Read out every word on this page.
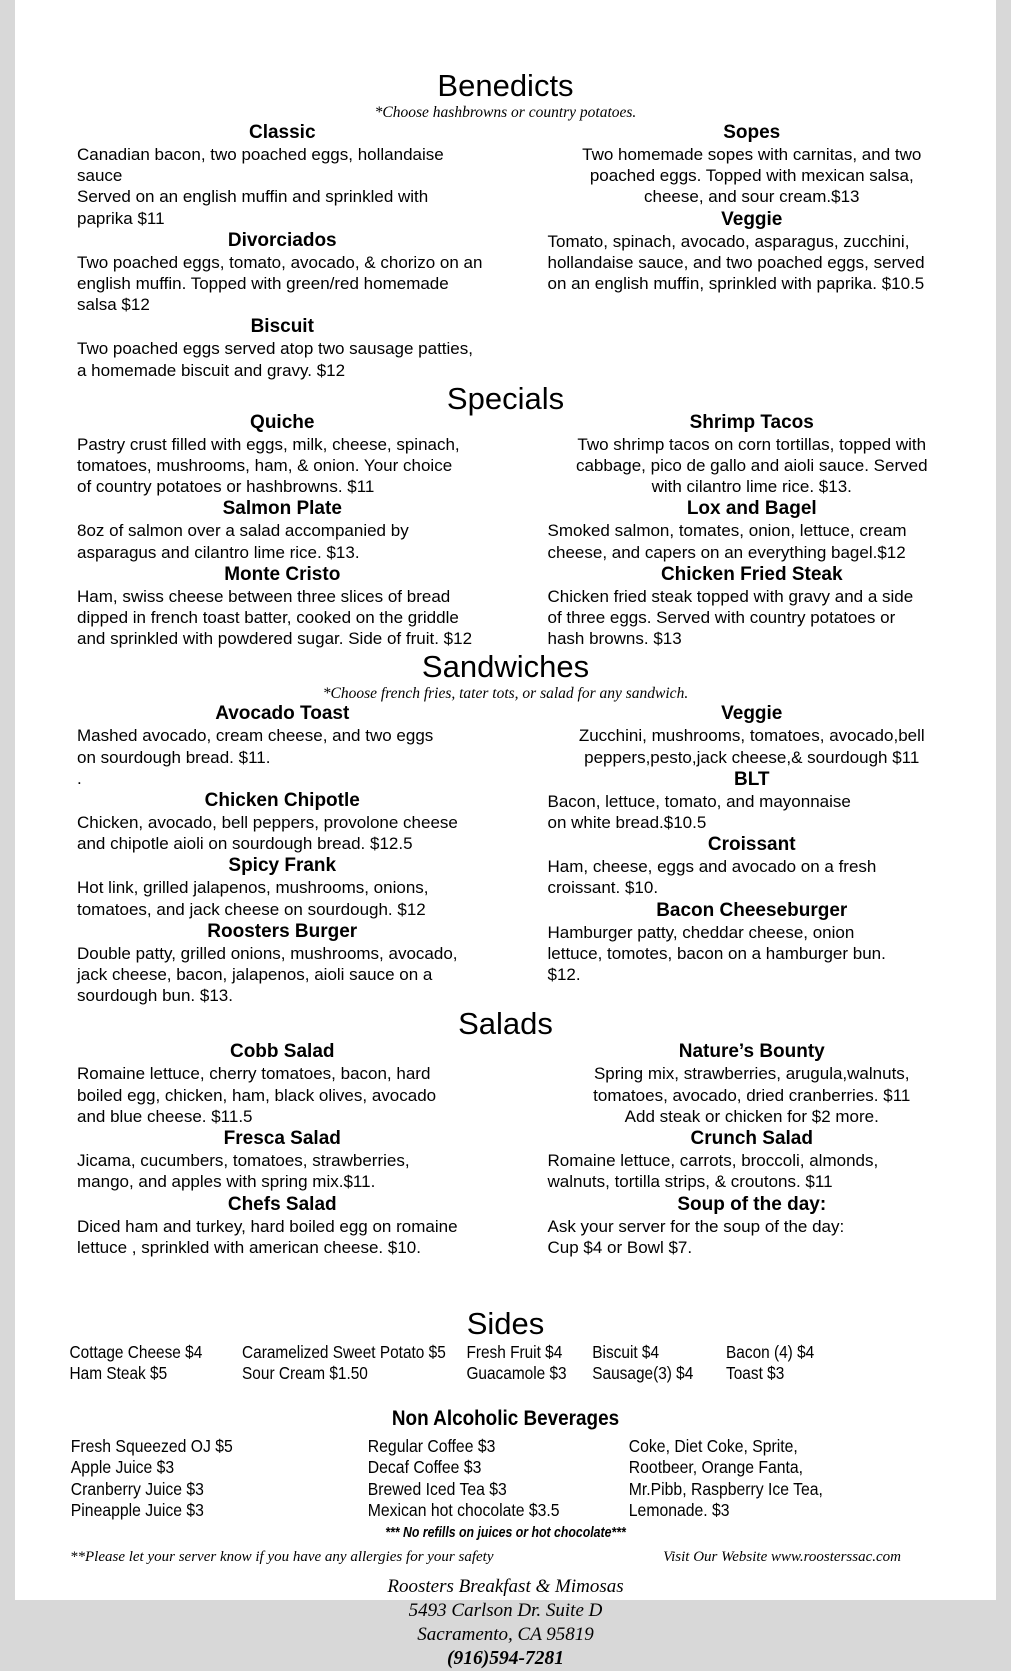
Benedicts
*Choose hashbrowns or country potatoes.
Classic
Canadian bacon, two poached eggs, hollandaise sauce
Served on an english muffin and sprinkled with paprika $11
Divorciados
Two poached eggs, tomato, avocado, & chorizo on an
english muffin. Topped with green/red homemade salsa $12
Biscuit
Two poached eggs served atop two sausage patties,
a homemade biscuit and gravy. $12
Sopes
Two homemade sopes with carnitas, and two
poached eggs. Topped with mexican salsa,
cheese, and sour cream.$13
Veggie
Tomato, spinach, avocado, asparagus, zucchini,
hollandaise sauce, and two poached eggs, served
on an english muffin, sprinkled with paprika. $10.5
Specials
Quiche
Pastry crust filled with eggs, milk, cheese, spinach,
tomatoes, mushrooms, ham, & onion. Your choice
of country potatoes or hashbrowns. $11
Salmon Plate
8oz of salmon over a salad accompanied by
asparagus and cilantro lime rice. $13.
Monte Cristo
Ham, swiss cheese between three slices of bread
dipped in french toast batter, cooked on the griddle
and sprinkled with powdered sugar. Side of fruit. $12
Shrimp Tacos
Two shrimp tacos on corn tortillas, topped with
cabbage, pico de gallo and aioli sauce. Served
with cilantro lime rice. $13.
Lox and Bagel
Smoked salmon, tomates, onion, lettuce, cream
cheese, and capers on an everything bagel.$12
Chicken Fried Steak
Chicken fried steak topped with gravy and a side
of three eggs. Served with country potatoes or
hash browns. $13
Sandwiches
*Choose french fries, tater tots, or salad for any sandwich.
Avocado Toast
Mashed avocado, cream cheese, and two eggs
on sourdough bread. $11.
.
Chicken Chipotle
Chicken, avocado, bell peppers, provolone cheese
and chipotle aioli on sourdough bread. $12.5
Spicy Frank
Hot link, grilled jalapenos, mushrooms, onions,
tomatoes, and jack cheese on sourdough. $12
Roosters Burger
Double patty, grilled onions, mushrooms, avocado,
jack cheese, bacon, jalapenos, aioli sauce on a
sourdough bun. $13.
Veggie
Zucchini, mushrooms, tomatoes, avocado,bell
peppers,pesto,jack cheese,& sourdough $11
BLT
Bacon, lettuce, tomato, and mayonnaise
on white bread.$10.5
Croissant
Ham, cheese, eggs and avocado on a fresh
croissant. $10.
Bacon Cheeseburger
Hamburger patty, cheddar cheese, onion
lettuce, tomotes, bacon on a hamburger bun.
$12.
Salads
Cobb Salad
Romaine lettuce, cherry tomatoes, bacon, hard
boiled egg, chicken, ham, black olives, avocado
and blue cheese. $11.5
Fresca Salad
Jicama, cucumbers, tomatoes, strawberries,
mango, and apples with spring mix.$11.
Chefs Salad
Diced ham and turkey, hard boiled egg on romaine
lettuce , sprinkled with american cheese. $10.
Nature’s Bounty
Spring mix, strawberries, arugula,walnuts,
tomatoes, avocado, dried cranberries. $11
Add steak or chicken for $2 more.
Crunch Salad
Romaine lettuce, carrots, broccoli, almonds,
walnuts, tortilla strips, & croutons. $11
Soup of the day:
Ask your server for the soup of the day:
Cup $4 or Bowl $7.
Sides
Cottage Cheese $4	Caramelized Sweet Potato $5	Fresh Fruit $4	Biscuit $4	Bacon (4) $4
Ham Steak $5	Sour Cream $1.50	Guacamole $3	Sausage(3) $4	Toast $3
Non Alcoholic Beverages
Fresh Squeezed OJ $5	Regular Coffee $3	Coke, Diet Coke, Sprite,
Apple Juice $3	Decaf Coffee $3	Rootbeer, Orange Fanta,
Cranberry Juice $3	Brewed Iced Tea $3	Mr.Pibb, Raspberry Ice Tea,
Pineapple Juice $3	Mexican hot chocolate $3.5	Lemonade. $3
*** No refills on juices or hot chocolate***
**Please let your server know if you have any allergies for your safety	Visit Our Website www.roosterssac.com
Roosters Breakfast & Mimosas
5493 Carlson Dr. Suite D
Sacramento, CA 95819
(916)594-7281
